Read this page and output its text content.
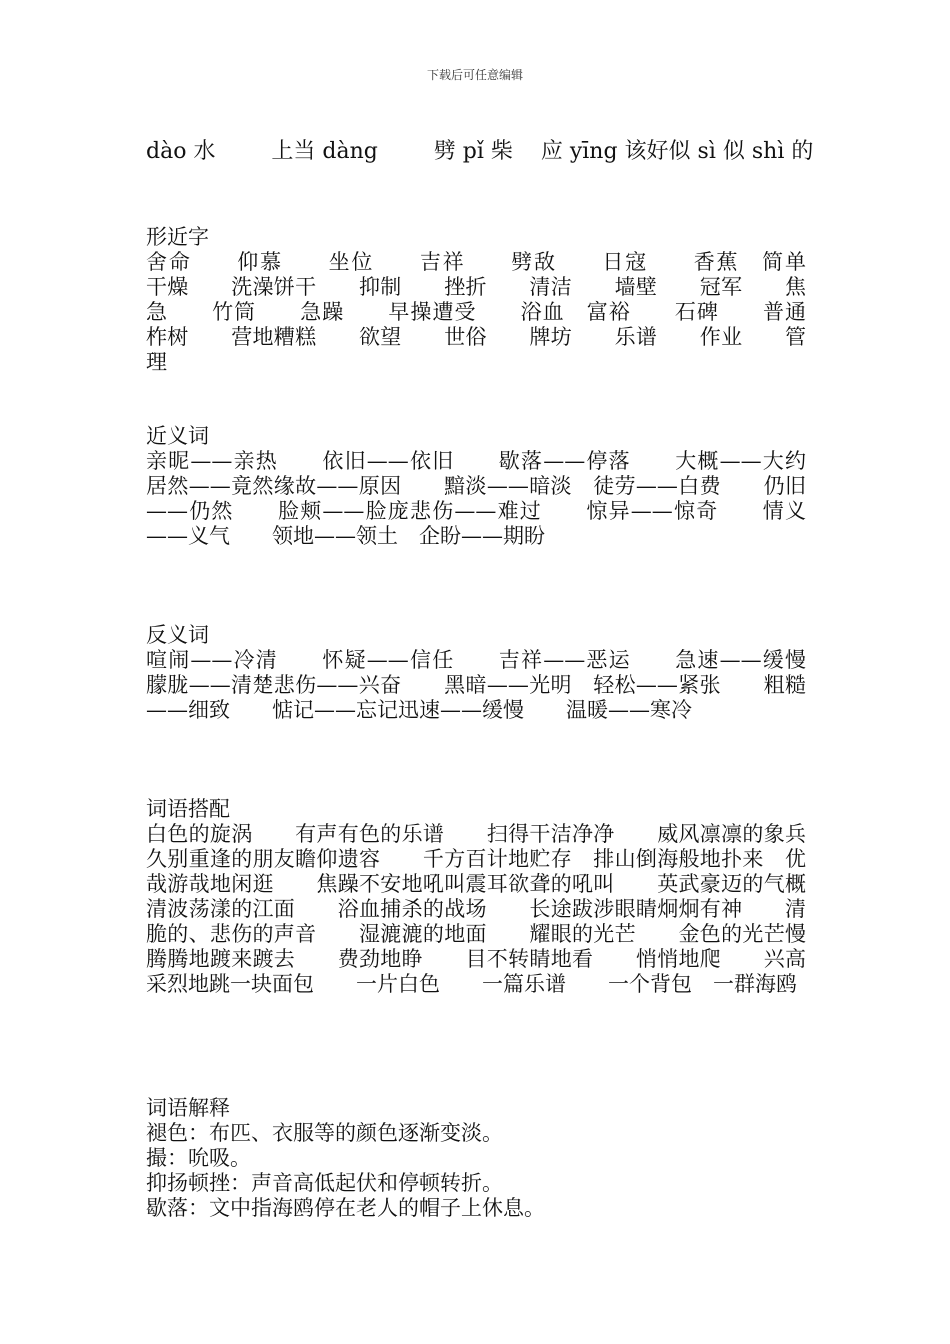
下载后可任意编辑
dào 水        上当 dàng        劈 pǐ 柴    应 yīng 该好似 sì 似 shì 的
形近字
舍命　　仰慕　　坐位　　吉祥　　劈敌　　日寇　　香蕉　简单　　干燥　　洗澡饼干　　抑制　　挫折　　清洁　　墙壁　　冠军　　焦急　　竹筒　　急躁　　早操遭受　　浴血　富裕　　石碑　　普通　　柞树　　营地糟糕　　欲望　　世俗　　牌坊　　乐谱　　作业　　管理
近义词
亲昵——亲热　　依旧——依旧　　歇落——停落　　大概——大约　　居然——竟然缘故——原因　　黯淡——暗淡　徒劳——白费　　仍旧——仍然　　脸颊——脸庞悲伤——难过　　惊异——惊奇　　情义——义气　　领地——领土　企盼——期盼
反义词
喧闹——冷清　　怀疑——信任　　吉祥——恶运　　急速——缓慢　　朦胧——清楚悲伤——兴奋　　黑暗——光明　轻松——紧张　　粗糙——细致　　惦记——忘记迅速——缓慢　　温暖——寒冷
词语搭配
白色的旋涡　　有声有色的乐谱　　扫得干洁净净　　威风凛凛的象兵　　久别重逢的朋友瞻仰遗容　　千方百计地贮存　排山倒海般地扑来　优哉游哉地闲逛　　焦躁不安地吼叫震耳欲聋的吼叫　　英武豪迈的气概　　清波荡漾的江面　　浴血捕杀的战场　　长途跋涉眼睛炯炯有神　　清脆的、悲伤的声音　　湿漉漉的地面　　耀眼的光芒　　金色的光芒慢腾腾地踱来踱去　　费劲地睁　　目不转睛地看　　悄悄地爬　　兴高采烈地跳一块面包　　一片白色　　一篇乐谱　　一个背包　一群海鸥
词语解释
褪色：布匹、衣服等的颜色逐渐变淡。
撮：吮吸。
抑扬顿挫：声音高低起伏和停顿转折。
歇落：文中指海鸥停在老人的帽子上休息。
